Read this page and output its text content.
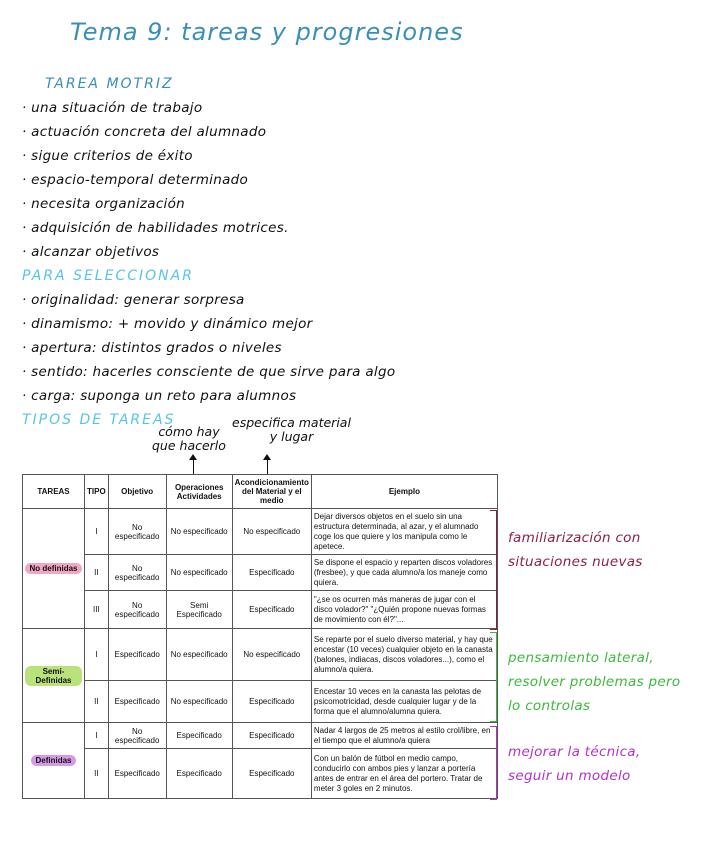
Tema 9: tareas y progresiones
TAREA MOTRIZ
· una situación de trabajo
· actuación concreta del alumnado
· sigue criterios de éxito
· espacio-temporal determinado
· necesita organización
· adquisición de habilidades motrices.
· alcanzar objetivos
PARA SELECCIONAR
· originalidad: generar sorpresa
· dinamismo: + movido y dinámico mejor
· apertura: distintos grados o niveles
· sentido: hacerles consciente de que sirve para algo
· carga: suponga un reto para alumnos
TIPOS DE TAREAS
cómo hay
que hacerlo
especifica material
y lugar
TAREAS	TIPO	Objetivo	Operaciones Actividades	Acondicionamiento del Material y el medio	Ejemplo
No definidas	I	No especificado	No especificado	No especificado	Dejar diversos objetos en el suelo sin una estructura determinada, al azar, y el alumnado coge los que quiere y los manipula como le apetece.
	II	No especificado	No especificado	Especificado	Se dispone el espacio y reparten discos voladores (fresbee), y que cada alumno/a los maneje como quiera.
	III	No especificado	Semi Especificado	Especificado	"¿se os ocurren más maneras de jugar con el disco volador?" "¿Quién propone nuevas formas de movimiento con él?"...
Semi-Definidas	I	Especificado	No especificado	No especificado	Se reparte por el suelo diverso material, y hay que encestar (10 veces) cualquier objeto en la canasta (balones, indiacas, discos voladores...), como el alumno/a quiera.
	II	Especificado	No especificado	Especificado	Encestar 10 veces en la canasta las pelotas de psicomotricidad, desde cualquier lugar y de la forma que el alumno/alumna quiera.
Definidas	I	No especificado	Especificado	Especificado	Nadar 4 largos de 25 metros al estilo crol/libre, en el tiempo que el alumno/a quiera
	II	Especificado	Especificado	Especificado	Con un balón de fútbol en medio campo, conducirlo con ambos pies y lanzar a portería antes de entrar en el área del portero. Tratar de meter 3 goles en 2 minutos.
familiarización con
situaciones nuevas
pensamiento lateral,
resolver problemas pero
lo controlas
mejorar la técnica,
seguir un modelo
